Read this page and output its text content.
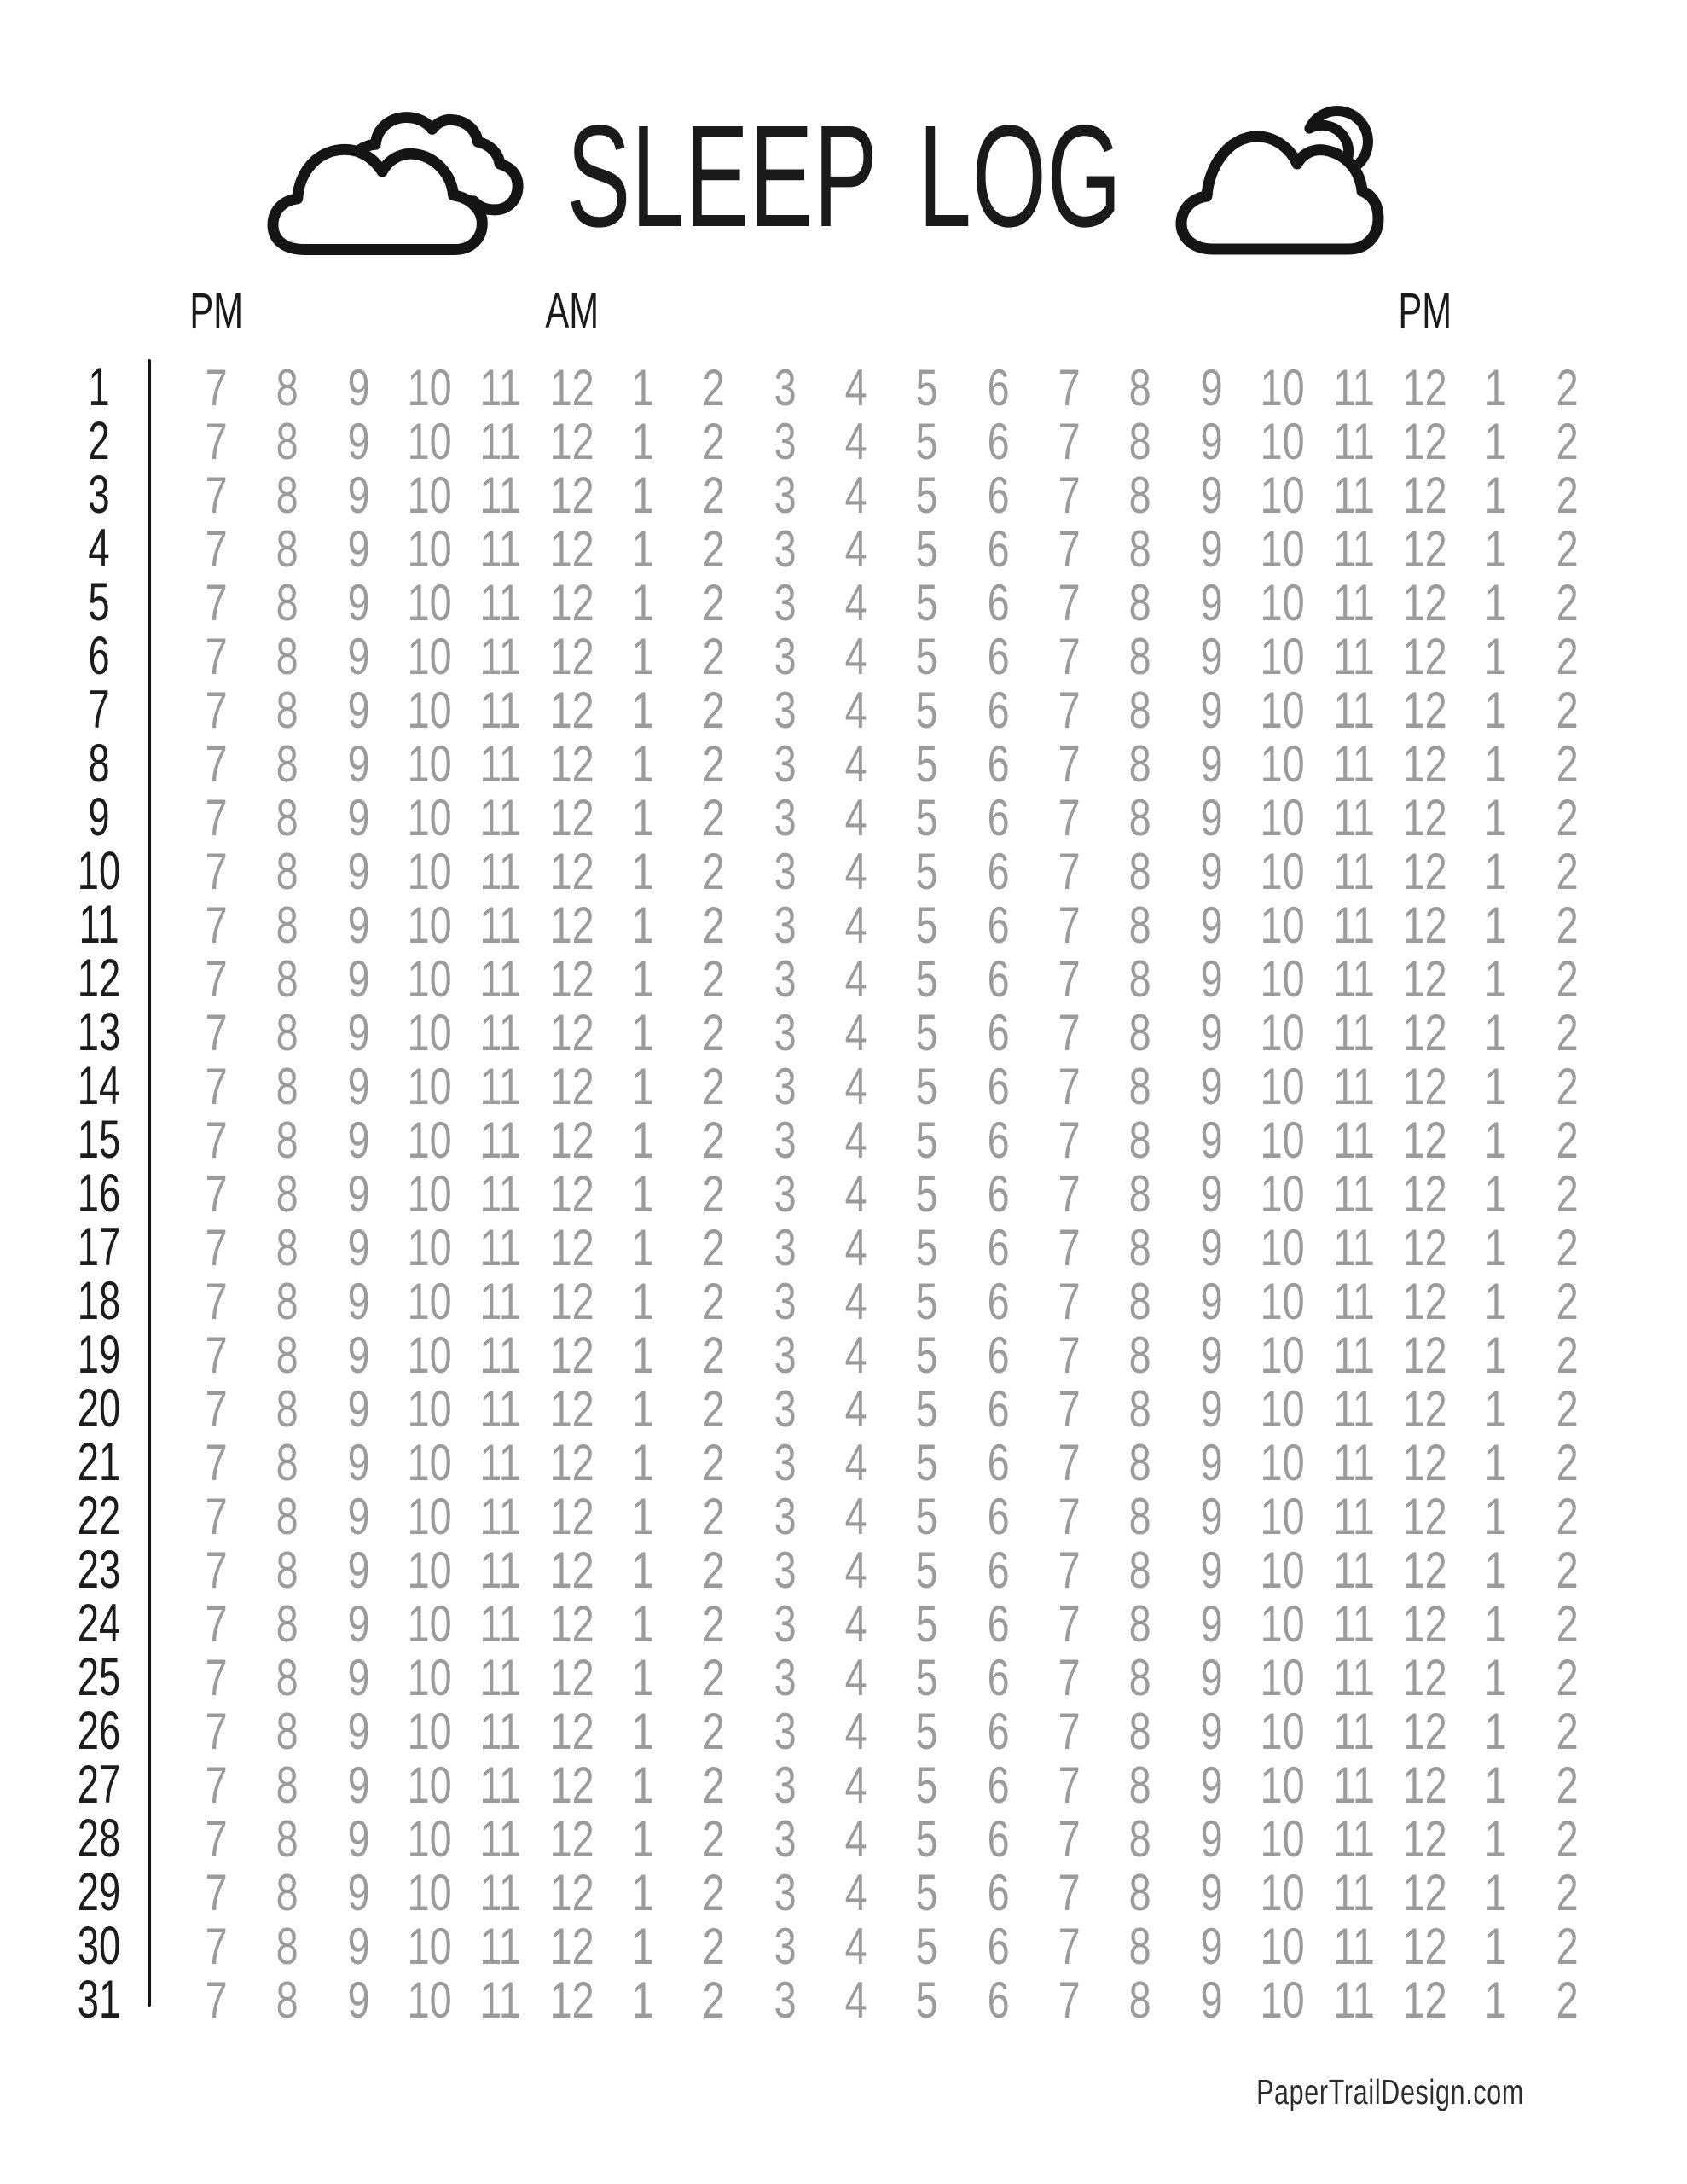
SLEEP LOG
PM	AM	PM
1	7 8 9 10 11 12 1 2 3 4 5 6 7 8 9 10 11 12 1 2
2	7 8 9 10 11 12 1 2 3 4 5 6 7 8 9 10 11 12 1 2
3	7 8 9 10 11 12 1 2 3 4 5 6 7 8 9 10 11 12 1 2
4	7 8 9 10 11 12 1 2 3 4 5 6 7 8 9 10 11 12 1 2
5	7 8 9 10 11 12 1 2 3 4 5 6 7 8 9 10 11 12 1 2
6	7 8 9 10 11 12 1 2 3 4 5 6 7 8 9 10 11 12 1 2
7	7 8 9 10 11 12 1 2 3 4 5 6 7 8 9 10 11 12 1 2
8	7 8 9 10 11 12 1 2 3 4 5 6 7 8 9 10 11 12 1 2
9	7 8 9 10 11 12 1 2 3 4 5 6 7 8 9 10 11 12 1 2
10	7 8 9 10 11 12 1 2 3 4 5 6 7 8 9 10 11 12 1 2
11	7 8 9 10 11 12 1 2 3 4 5 6 7 8 9 10 11 12 1 2
12	7 8 9 10 11 12 1 2 3 4 5 6 7 8 9 10 11 12 1 2
13	7 8 9 10 11 12 1 2 3 4 5 6 7 8 9 10 11 12 1 2
14	7 8 9 10 11 12 1 2 3 4 5 6 7 8 9 10 11 12 1 2
15	7 8 9 10 11 12 1 2 3 4 5 6 7 8 9 10 11 12 1 2
16	7 8 9 10 11 12 1 2 3 4 5 6 7 8 9 10 11 12 1 2
17	7 8 9 10 11 12 1 2 3 4 5 6 7 8 9 10 11 12 1 2
18	7 8 9 10 11 12 1 2 3 4 5 6 7 8 9 10 11 12 1 2
19	7 8 9 10 11 12 1 2 3 4 5 6 7 8 9 10 11 12 1 2
20	7 8 9 10 11 12 1 2 3 4 5 6 7 8 9 10 11 12 1 2
21	7 8 9 10 11 12 1 2 3 4 5 6 7 8 9 10 11 12 1 2
22	7 8 9 10 11 12 1 2 3 4 5 6 7 8 9 10 11 12 1 2
23	7 8 9 10 11 12 1 2 3 4 5 6 7 8 9 10 11 12 1 2
24	7 8 9 10 11 12 1 2 3 4 5 6 7 8 9 10 11 12 1 2
25	7 8 9 10 11 12 1 2 3 4 5 6 7 8 9 10 11 12 1 2
26	7 8 9 10 11 12 1 2 3 4 5 6 7 8 9 10 11 12 1 2
27	7 8 9 10 11 12 1 2 3 4 5 6 7 8 9 10 11 12 1 2
28	7 8 9 10 11 12 1 2 3 4 5 6 7 8 9 10 11 12 1 2
29	7 8 9 10 11 12 1 2 3 4 5 6 7 8 9 10 11 12 1 2
30	7 8 9 10 11 12 1 2 3 4 5 6 7 8 9 10 11 12 1 2
31	7 8 9 10 11 12 1 2 3 4 5 6 7 8 9 10 11 12 1 2
PaperTrailDesign.com
